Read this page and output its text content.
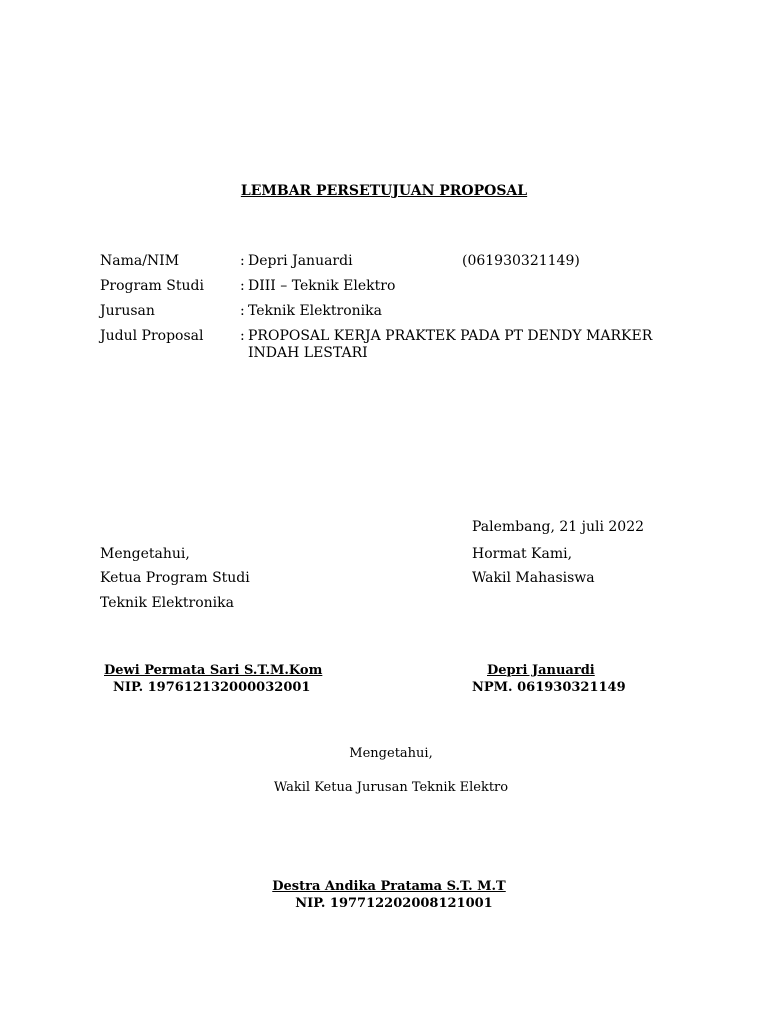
LEMBAR PERSETUJUAN PROPOSAL
Nama/NIM	: Depri Januardi	(061930321149)
Program Studi	: DIII – Teknik Elektro
Jurusan	: Teknik Elektronika
Judul Proposal	: PROPOSAL KERJA PRAKTEK PADA PT DENDY MARKER
INDAH LESTARI
Palembang, 21 juli 2022
Mengetahui,
Ketua Program Studi
Teknik Elektronika
Dewi Permata Sari S.T.M.Kom
NIP. 197612132000032001
Hormat Kami,
Wakil Mahasiswa
Depri Januardi
NPM. 061930321149
Mengetahui,
Wakil Ketua Jurusan Teknik Elektro
Destra Andika Pratama S.T. M.T
NIP. 197712202008121001
